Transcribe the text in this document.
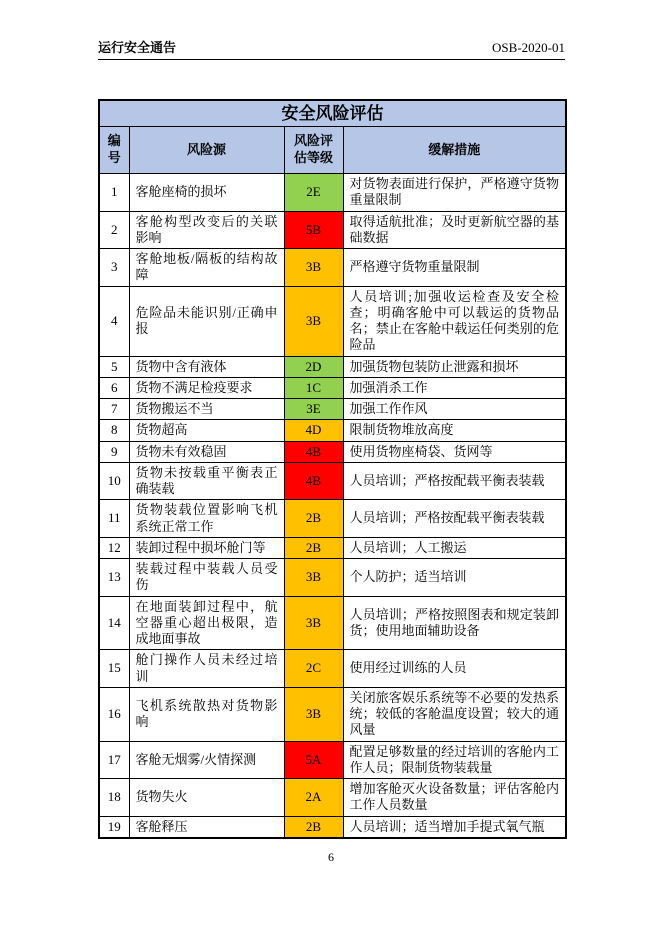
运行安全通告	OSB-2020-01
安全风险评估			
编号	风险源	风险评估等级	缓解措施
1	客舱座椅的损坏	2E	对货物表面进行保护，严格遵守货物重量限制
2	客舱构型改变后的关联影响	5B	取得适航批准；及时更新航空器的基础数据
3	客舱地板/隔板的结构故障	3B	严格遵守货物重量限制
4	危险品未能识别/正确申报	3B	人员培训;加强收运检查及安全检查；明确客舱中可以载运的货物品名；禁止在客舱中载运任何类别的危险品
5	货物中含有液体	2D	加强货物包装防止泄露和损坏
6	货物不满足检疫要求	1C	加强消杀工作
7	货物搬运不当	3E	加强工作作风
8	货物超高	4D	限制货物堆放高度
9	货物未有效稳固	4B	使用货物座椅袋、货网等
10	货物未按载重平衡表正确装载	4B	人员培训；严格按配载平衡表装载
11	货物装载位置影响飞机系统正常工作	2B	人员培训；严格按配载平衡表装载
12	装卸过程中损坏舱门等	2B	人员培训；人工搬运
13	装载过程中装载人员受伤	3B	个人防护；适当培训
14	在地面装卸过程中，航空器重心超出极限，造成地面事故	3B	人员培训；严格按照图表和规定装卸货；使用地面辅助设备
15	舱门操作人员未经过培训	2C	使用经过训练的人员
16	飞机系统散热对货物影响	3B	关闭旅客娱乐系统等不必要的发热系统；较低的客舱温度设置；较大的通风量
17	客舱无烟雾/火情探测	5A	配置足够数量的经过培训的客舱内工作人员；限制货物装载量
18	货物失火	2A	增加客舱灭火设备数量；评估客舱内工作人员数量
19	客舱释压	2B	人员培训；适当增加手提式氧气瓶
6
